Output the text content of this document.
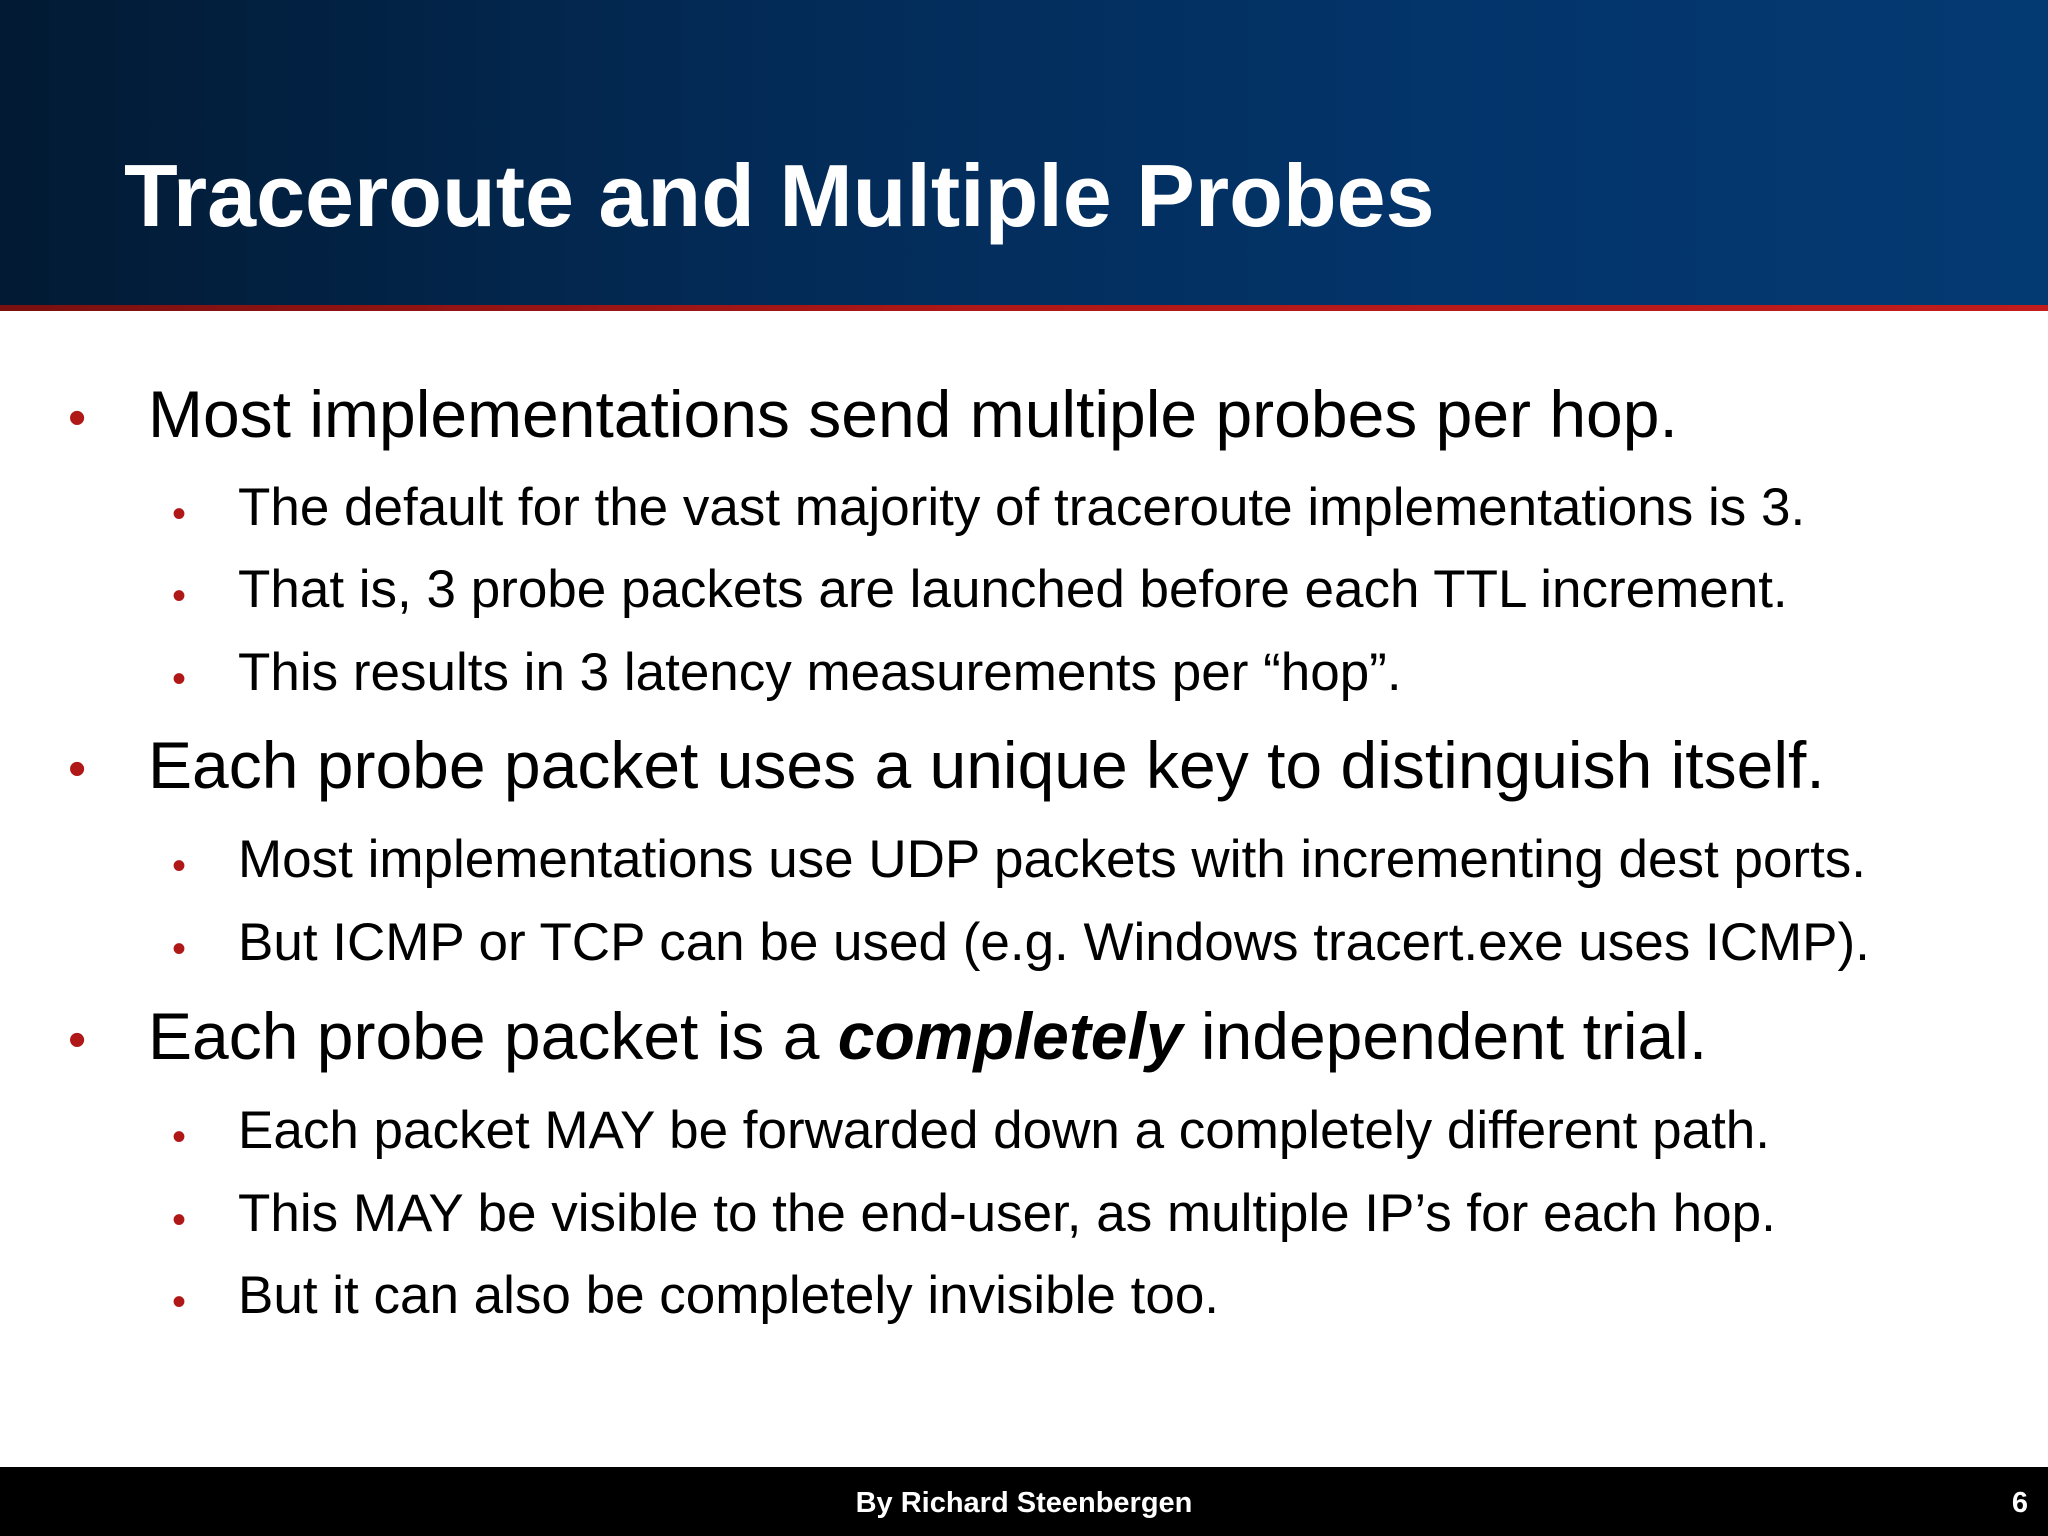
Traceroute and Multiple Probes
• Most implementations send multiple probes per hop.
• The default for the vast majority of traceroute implementations is 3.
• That is, 3 probe packets are launched before each TTL increment.
• This results in 3 latency measurements per “hop”.
• Each probe packet uses a unique key to distinguish itself.
• Most implementations use UDP packets with incrementing dest ports.
• But ICMP or TCP can be used (e.g. Windows tracert.exe uses ICMP).
• Each probe packet is a completely independent trial.
• Each packet MAY be forwarded down a completely different path.
• This MAY be visible to the end-user, as multiple IP’s for each hop.
• But it can also be completely invisible too.
By Richard Steenbergen	6
